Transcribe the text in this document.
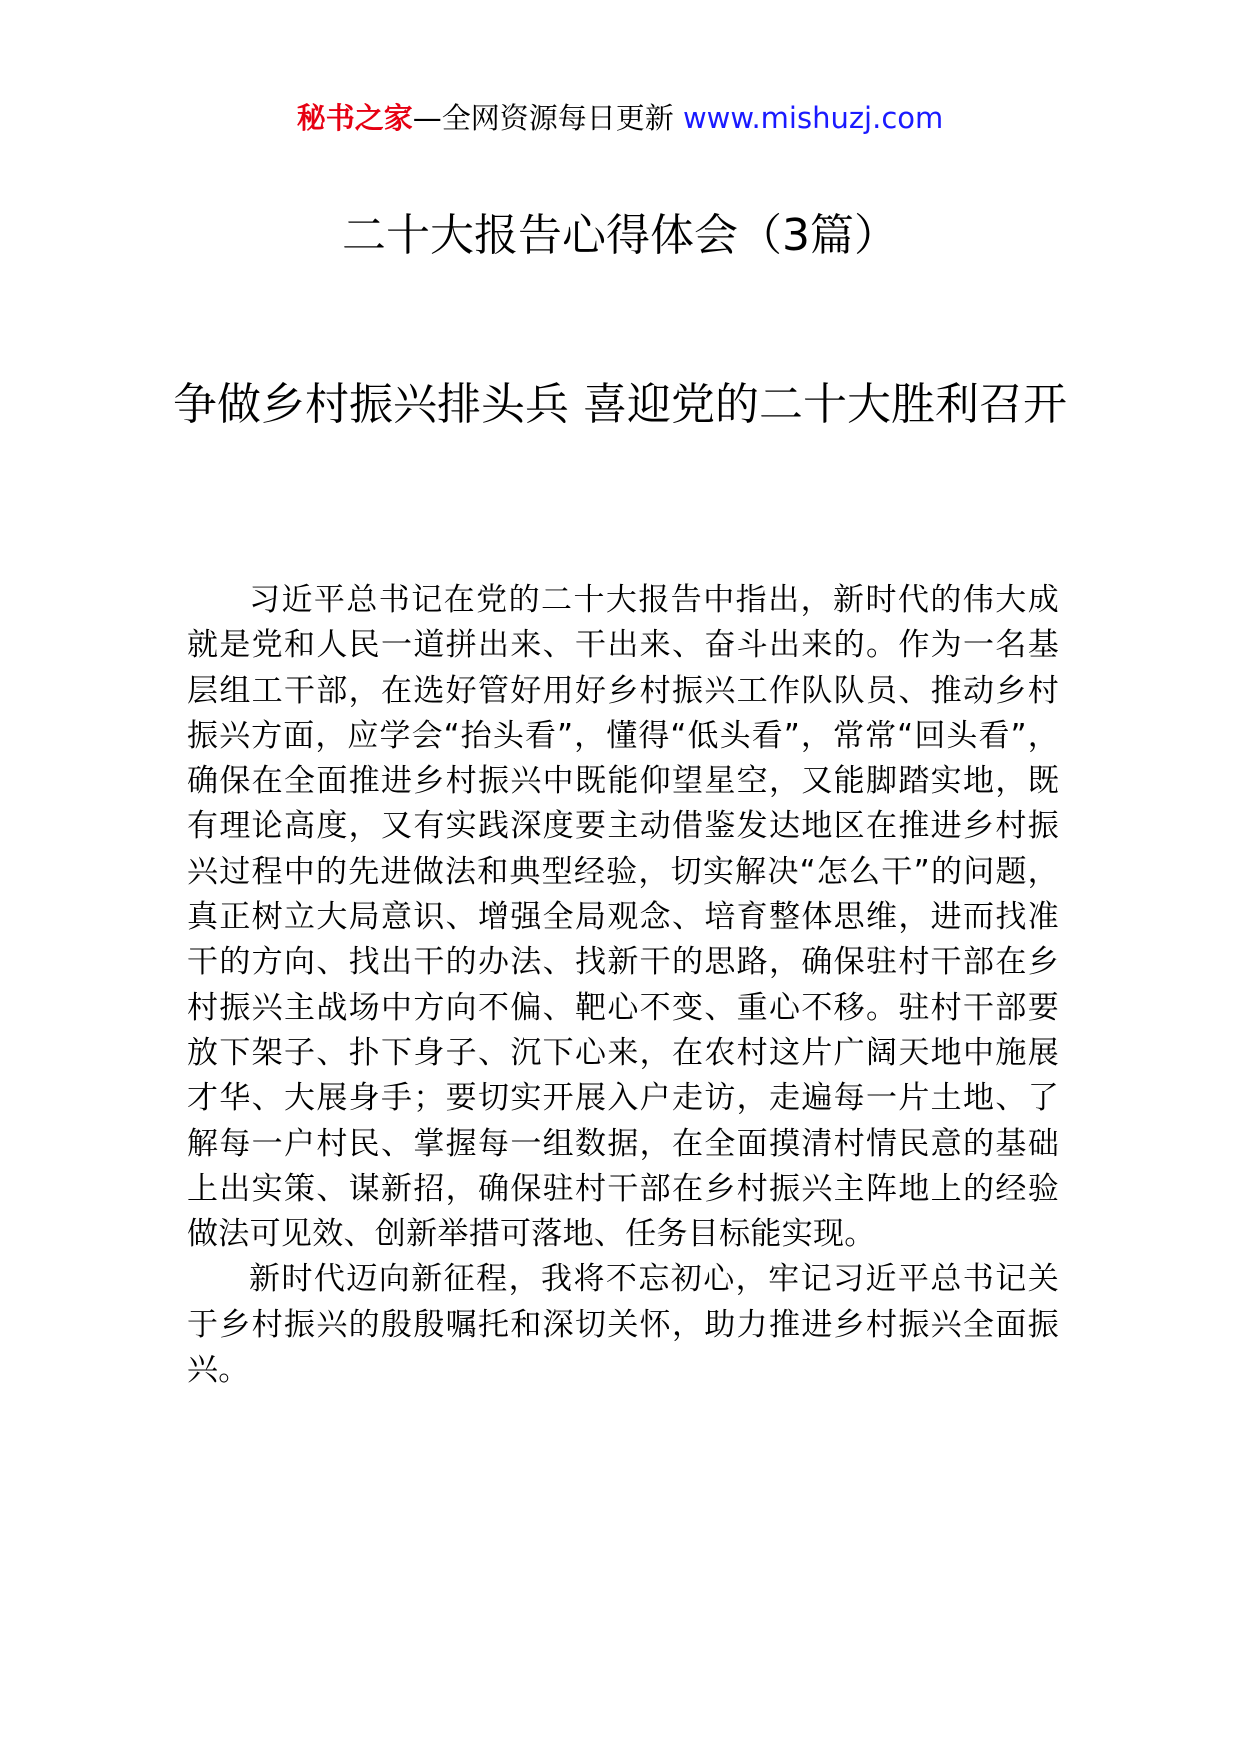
秘书之家—全网资源每日更新 www.mishuzj.com
二十大报告心得体会（3篇）
争做乡村振兴排头兵 喜迎党的二十大胜利召开

习近平总书记在党的二十大报告中指出，新时代的伟大成就是党和人民一道拼出来、干出来、奋斗出来的。作为一名基层组工干部，在选好管好用好乡村振兴工作队队员、推动乡村振兴方面，应学会“抬头看”，懂得“低头看”，常常“回头看”，确保在全面推进乡村振兴中既能仰望星空，又能脚踏实地，既有理论高度，又有实践深度要主动借鉴发达地区在推进乡村振兴过程中的先进做法和典型经验，切实解决“怎么干”的问题，真正树立大局意识、增强全局观念、培育整体思维，进而找准干的方向、找出干的办法、找新干的思路，确保驻村干部在乡村振兴主战场中方向不偏、靶心不变、重心不移。驻村干部要放下架子、扑下身子、沉下心来，在农村这片广阔天地中施展才华、大展身手；要切实开展入户走访，走遍每一片土地、了解每一户村民、掌握每一组数据，在全面摸清村情民意的基础上出实策、谋新招，确保驻村干部在乡村振兴主阵地上的经验做法可见效、创新举措可落地、任务目标能实现。

新时代迈向新征程，我将不忘初心，牢记习近平总书记关于乡村振兴的殷殷嘱托和深切关怀，助力推进乡村振兴全面振兴。
